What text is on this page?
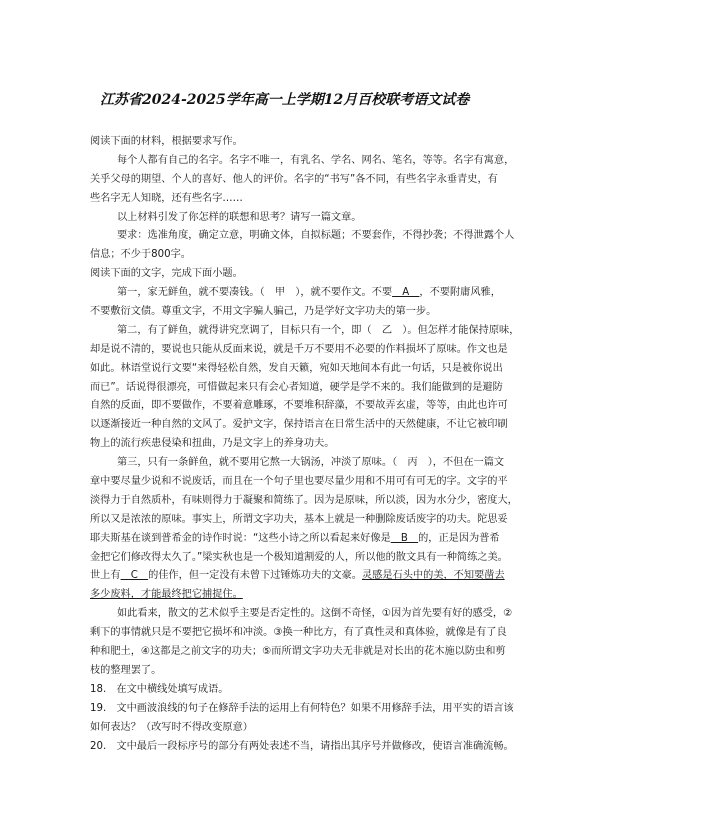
江苏省2024-2025学年高一上学期12月百校联考语文试卷
阅读下面的材料，根据要求写作。
每个人都有自己的名字。名字不唯一，有乳名、学名、网名、笔名，等等。名字有寓意，
关乎父母的期望、个人的喜好、他人的评价。名字的“书写”各不同，有些名字永垂青史，有
些名字无人知晓，还有些名字……
以上材料引发了你怎样的联想和思考？请写一篇文章。
要求：选准角度，确定立意，明确文体，自拟标题；不要套作，不得抄袭；不得泄露个人
信息；不少于800字。
阅读下面的文字，完成下面小题。
第一，家无鲜鱼，就不要凑钱。（　甲　），就不要作文。不要　A　，不要附庸风雅，
不要敷衍文债。尊重文字，不用文字骗人骗己，乃是学好文字功夫的第一步。
第二，有了鲜鱼，就得讲究烹调了，目标只有一个，即（　乙　）。但怎样才能保持原味，
却是说不清的，要说也只能从反面来说，就是千万不要用不必要的作料损坏了原味。作文也是
如此。林语堂说行文要“来得轻松自然，发自天籁，宛如天地间本有此一句话，只是被你说出
而已”。话说得很漂亮，可惜做起来只有会心者知道，硬学是学不来的。我们能做到的是避防
自然的反面，即不要做作，不要着意雕琢，不要堆积辞藻，不要故弄玄虚，等等，由此也许可
以逐渐接近一种自然的文风了。爱护文字，保持语言在日常生活中的天然健康，不让它被印刷
物上的流行疾患侵染和扭曲，乃是文字上的养身功夫。
第三，只有一条鲜鱼，就不要用它熬一大锅汤，冲淡了原味。（　丙　），不但在一篇文
章中要尽量少说和不说废话，而且在一个句子里也要尽量少用和不用可有可无的字。文字的平
淡得力于自然质朴，有味则得力于凝聚和简练了。因为是原味，所以淡，因为水分少，密度大，
所以又是浓浓的原味。事实上，所谓文字功夫，基本上就是一种删除废话废字的功夫。陀思妥
耶夫斯基在谈到普希金的诗作时说：“这些小诗之所以看起来好像是　B　的，正是因为普希
金把它们修改得太久了。”梁实秋也是一个极知道割爱的人，所以他的散文具有一种简练之美。
世上有　C　的佳作，但一定没有未曾下过锤炼功夫的文豪。灵感是石头中的美，不知要凿去
多少废料，才能最终把它捕捉住。
如此看来，散文的艺术似乎主要是否定性的。这倒不奇怪，①因为首先要有好的感受，②
剩下的事情就只是不要把它损坏和冲淡。③换一种比方，有了真性灵和真体验，就像是有了良
种和肥土，④这都是之前文字的功夫；⑤而所谓文字功夫无非就是对长出的花木施以防虫和剪
枝的整理罢了。
18.　在文中横线处填写成语。
19.　文中画波浪线的句子在修辞手法的运用上有何特色？如果不用修辞手法，用平实的语言该
如何表达？（改写时不得改变原意）
20.　文中最后一段标序号的部分有两处表述不当，请指出其序号并做修改，使语言准确流畅。
